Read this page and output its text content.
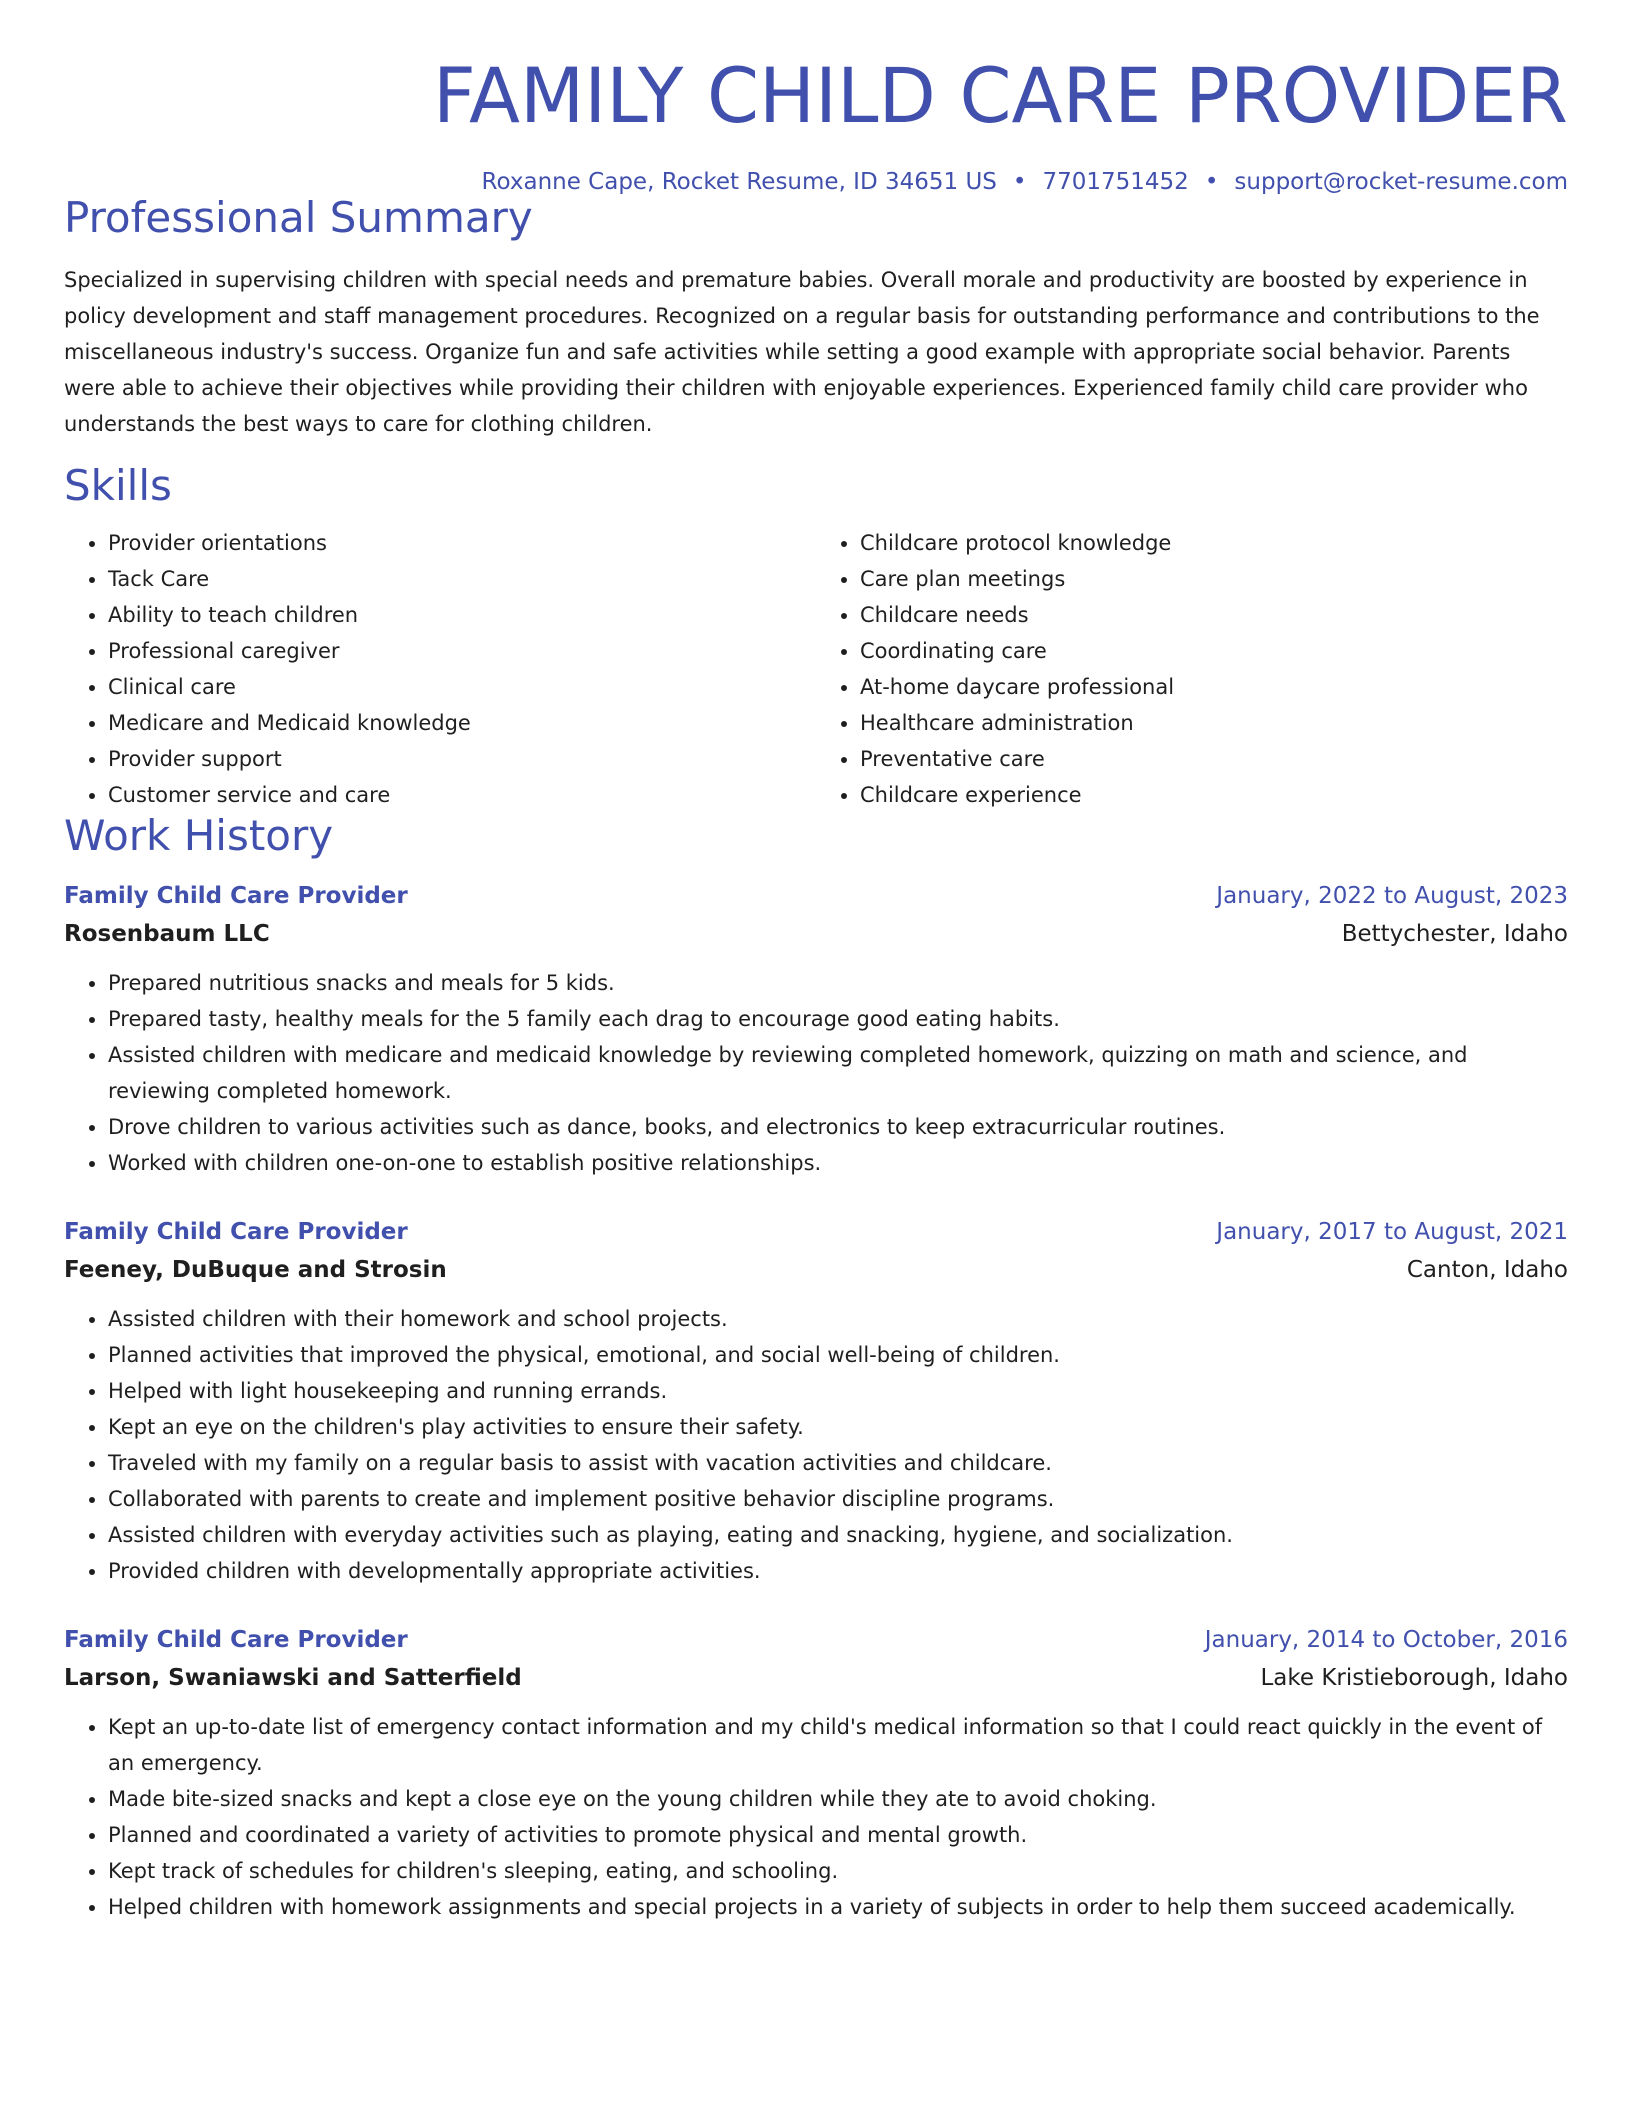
FAMILY CHILD CARE PROVIDER
Roxanne Cape, Rocket Resume, ID 34651 US • 7701751452 • support@rocket-resume.com
Professional Summary

Specialized in supervising children with special needs and premature babies. Overall morale and productivity are boosted by experience in policy development and staff management procedures. Recognized on a regular basis for outstanding performance and contributions to the miscellaneous industry's success. Organize fun and safe activities while setting a good example with appropriate social behavior. Parents were able to achieve their objectives while providing their children with enjoyable experiences. Experienced family child care provider who understands the best ways to care for clothing children.

Skills
• Provider orientations
• Tack Care
• Ability to teach children
• Professional caregiver
• Clinical care
• Medicare and Medicaid knowledge
• Provider support
• Customer service and care
• Childcare protocol knowledge
• Care plan meetings
• Childcare needs
• Coordinating care
• At-home daycare professional
• Healthcare administration
• Preventative care
• Childcare experience
Work History
Family Child Care Provider	January, 2022 to August, 2023
Rosenbaum LLC	Bettychester, Idaho
• Prepared nutritious snacks and meals for 5 kids.
• Prepared tasty, healthy meals for the 5 family each drag to encourage good eating habits.
• Assisted children with medicare and medicaid knowledge by reviewing completed homework, quizzing on math and science, and reviewing completed homework.
• Drove children to various activities such as dance, books, and electronics to keep extracurricular routines.
• Worked with children one-on-one to establish positive relationships.
Family Child Care Provider	January, 2017 to August, 2021
Feeney, DuBuque and Strosin	Canton, Idaho
• Assisted children with their homework and school projects.
• Planned activities that improved the physical, emotional, and social well-being of children.
• Helped with light housekeeping and running errands.
• Kept an eye on the children's play activities to ensure their safety.
• Traveled with my family on a regular basis to assist with vacation activities and childcare.
• Collaborated with parents to create and implement positive behavior discipline programs.
• Assisted children with everyday activities such as playing, eating and snacking, hygiene, and socialization.
• Provided children with developmentally appropriate activities.
Family Child Care Provider	January, 2014 to October, 2016
Larson, Swaniawski and Satterfield	Lake Kristieborough, Idaho
• Kept an up-to-date list of emergency contact information and my child's medical information so that I could react quickly in the event of an emergency.
• Made bite-sized snacks and kept a close eye on the young children while they ate to avoid choking.
• Planned and coordinated a variety of activities to promote physical and mental growth.
• Kept track of schedules for children's sleeping, eating, and schooling.
• Helped children with homework assignments and special projects in a variety of subjects in order to help them succeed academically.
